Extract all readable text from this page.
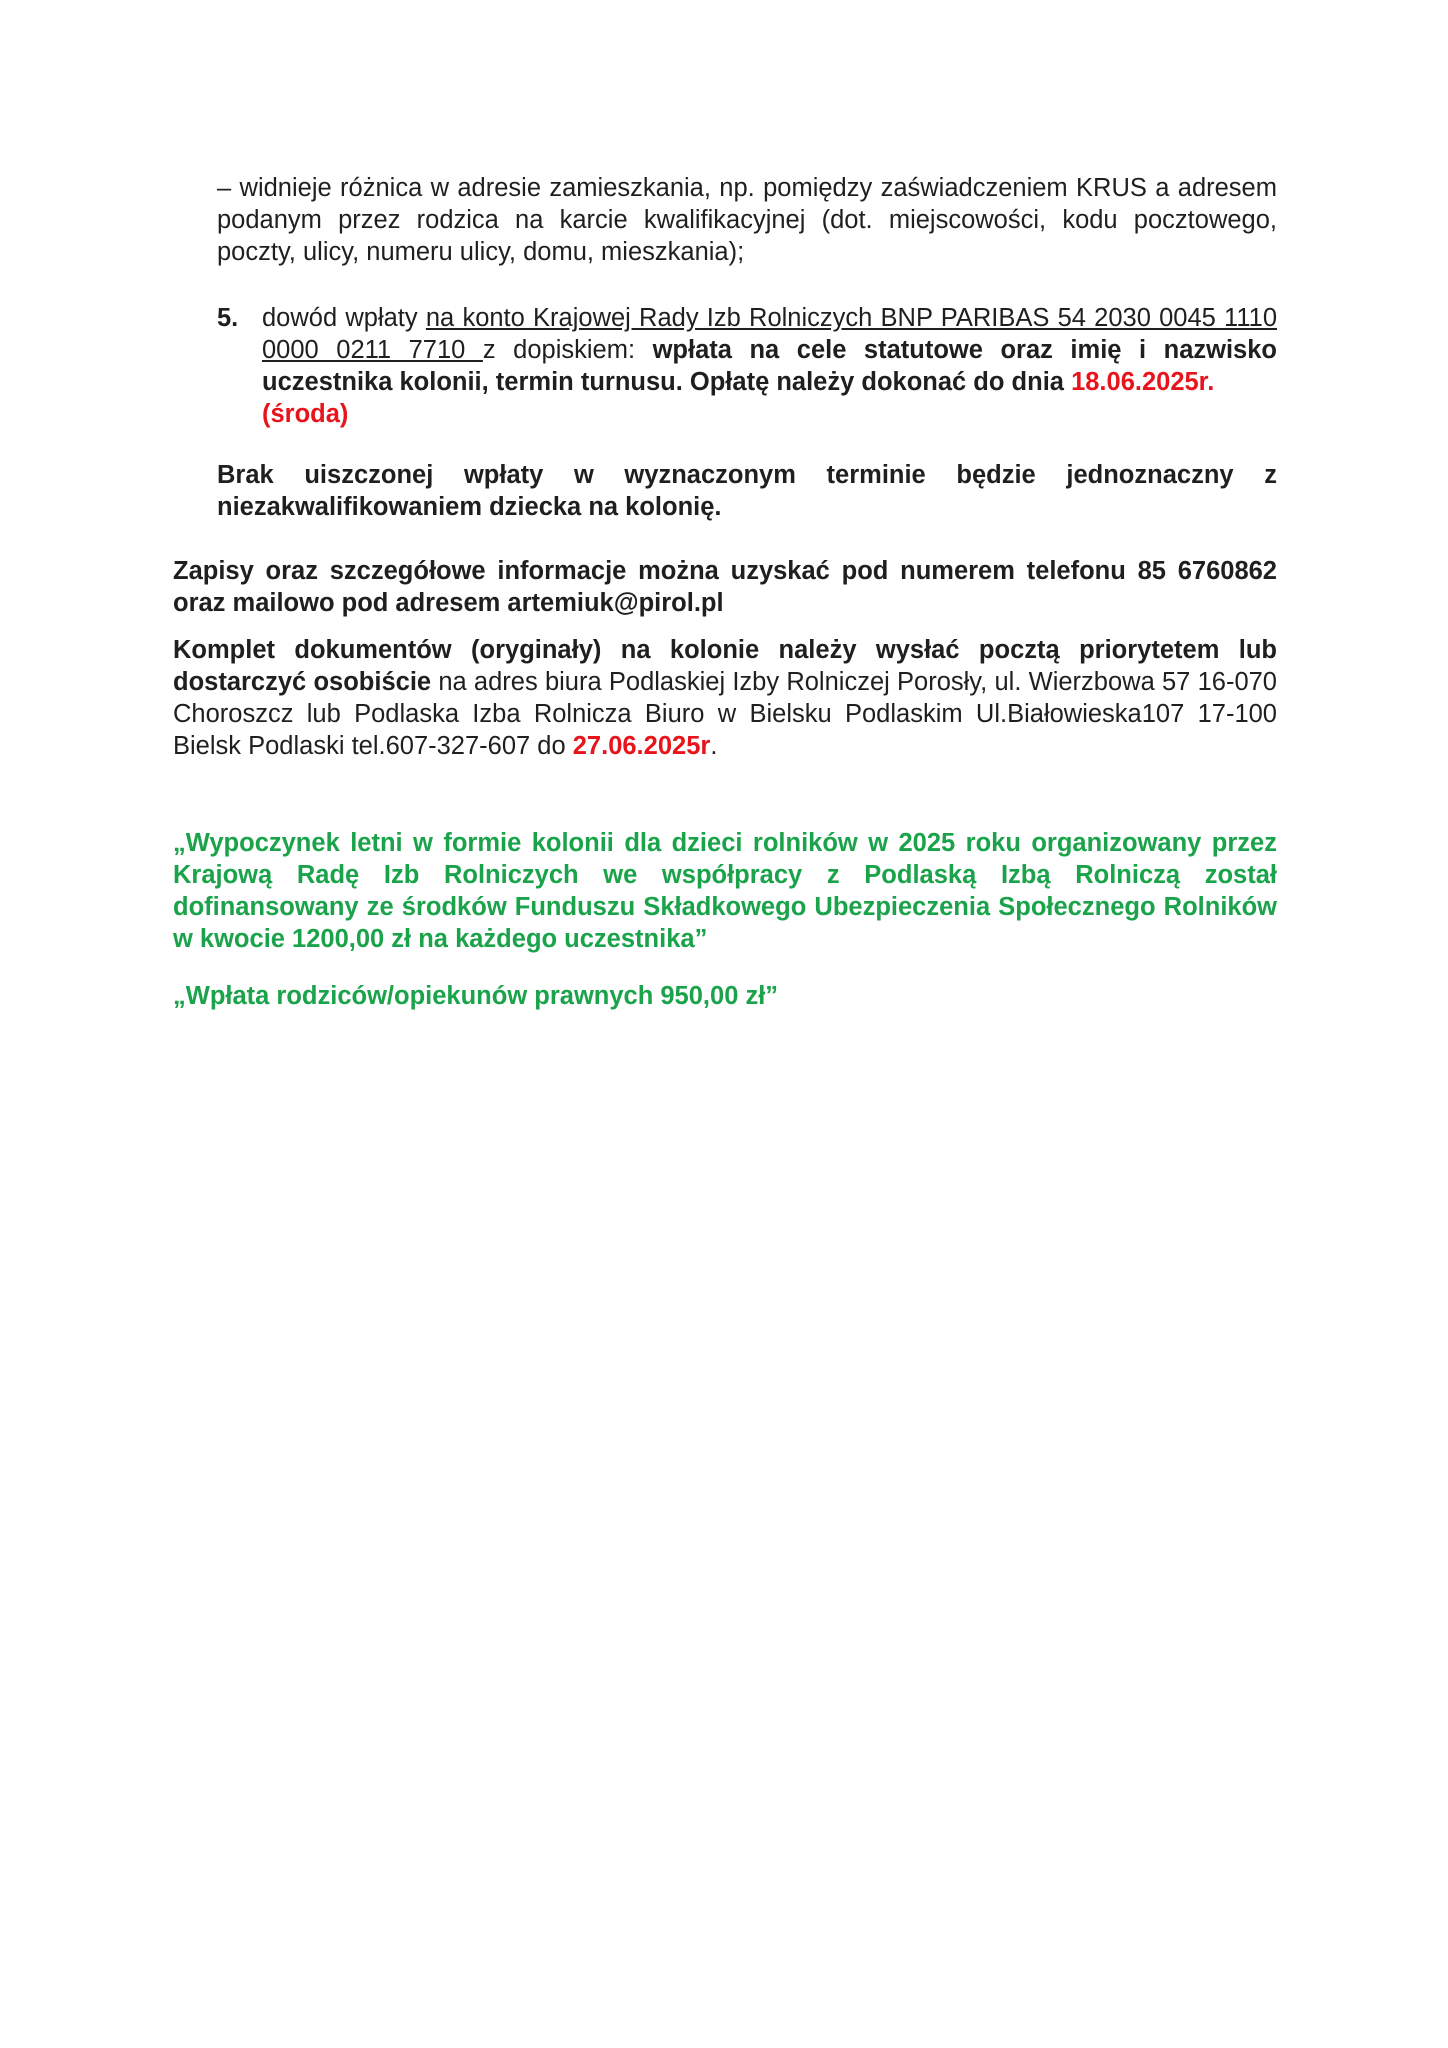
– widnieje różnica w adresie zamieszkania, np. pomiędzy zaświadczeniem KRUS a adresem podanym przez rodzica na karcie kwalifikacyjnej (dot. miejscowości, kodu pocztowego, poczty, ulicy, numeru ulicy, domu, mieszkania);

5. dowód wpłaty na konto Krajowej Rady Izb Rolniczych BNP PARIBAS 54 2030 0045 1110 0000 0211 7710 z dopiskiem: wpłata na cele statutowe oraz imię i nazwisko uczestnika kolonii, termin turnusu. Opłatę należy dokonać do dnia 18.06.2025r.
(środa)

Brak uiszczonej wpłaty w wyznaczonym terminie będzie jednoznaczny z niezakwalifikowaniem dziecka na kolonię.

Zapisy oraz szczegółowe informacje można uzyskać pod numerem telefonu 85 6760862 oraz mailowo pod adresem artemiuk@pirol.pl

Komplet dokumentów (oryginały) na kolonie należy wysłać pocztą priorytetem lub dostarczyć osobiście na adres biura Podlaskiej Izby Rolniczej Porosły, ul. Wierzbowa 57 16-070 Choroszcz lub Podlaska Izba Rolnicza Biuro w Bielsku Podlaskim Ul.Białowieska107 17-100 Bielsk Podlaski tel.607-327-607 do 27.06.2025r.

„Wypoczynek letni w formie kolonii dla dzieci rolników w 2025 roku organizowany przez Krajową Radę Izb Rolniczych we współpracy z Podlaską Izbą Rolniczą został dofinansowany ze środków Funduszu Składkowego Ubezpieczenia Społecznego Rolników w kwocie 1200,00 zł na każdego uczestnika”

„Wpłata rodziców/opiekunów prawnych 950,00 zł”
